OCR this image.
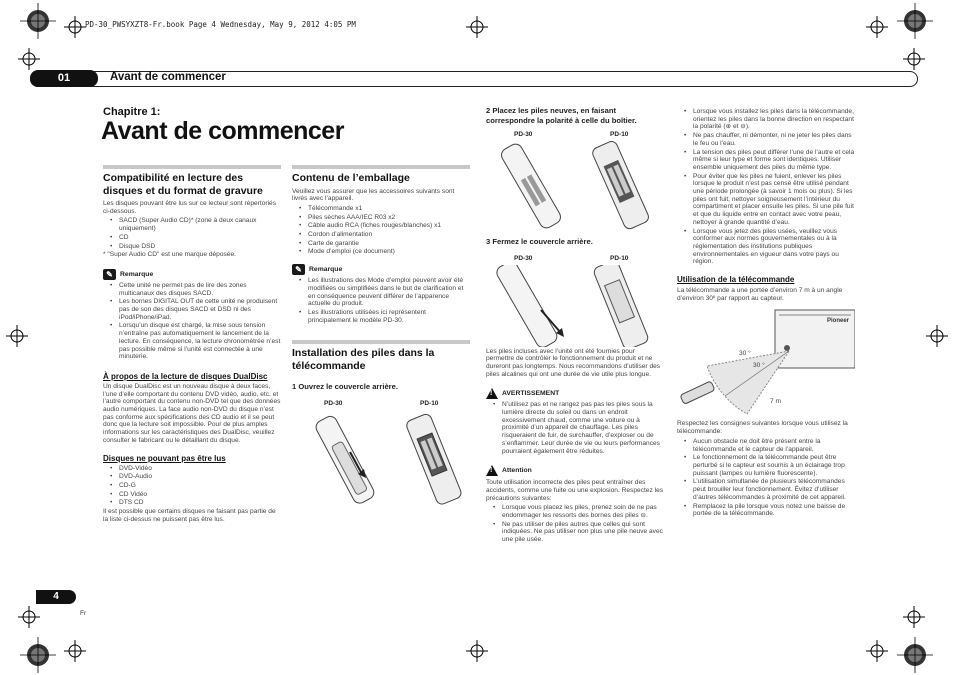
PD-30_PWSYXZT8-Fr.book Page 4 Wednesday, May 9, 2012 4:05 PM
01	Avant de commencer
Chapitre 1:
Avant de commencer
Compatibilité en lecture des disques et du format de gravure
Les disques pouvant être lus sur ce lecteur sont répertoriés ci-dessous.
• SACD (Super Audio CD)* (zone à deux canaux uniquement)
• CD
• Disque DSD
* "Super Audio CD" est une marque déposée.
✎	Remarque
• Cette unité ne permet pas de lire des zones multicanaux des disques SACD.
• Les bornes DIGITAL OUT de cette unité ne produisent pas de son des disques SACD et DSD ni des iPod/iPhone/iPad.
• Lorsqu’un disque est chargé, la mise sous tension n’entraîne pas automatiquement le lancement de la lecture. En conséquence, la lecture chronométrée n’est pas possible même si l’unité est connectée à une minuterie.
À propos de la lecture de disques DualDisc
Un disque DualDisc est un nouveau disque à deux faces, l’une d’elle comportant du contenu DVD vidéo, audio, etc. et l’autre comportant du contenu non-DVD tel que des données audio numériques. La face audio non-DVD du disque n’est pas conforme aux spécifications des CD audio et il se peut donc que la lecture soit impossible. Pour de plus amples informations sur les caractéristiques des DualDisc, veuillez consulter le fabricant ou le détaillant du disque.
Disques ne pouvant pas être lus
• DVD-Vidéo
• DVD-Audio
• CD-G
• CD Vidéo
• DTS CD
Il est possible que certains disques ne faisant pas partie de la liste ci-dessus ne puissent pas être lus.
Contenu de l’emballage
Veuillez vous assurer que les accessoires suivants sont livrés avec l’appareil.
• Télécommande x1
• Piles sèches AAA/IEC R03 x2
• Câble audio RCA (fiches rouges/blanches) x1
• Cordon d’alimentation
• Carte de garantie
• Mode d’emploi (ce document)
✎	Remarque
• Les illustrations des Mode d’emploi peuvent avoir été modifiées ou simplifiées dans le but de clarification et en conséquence peuvent différer de l’apparence actuelle du produit.
• Les illustrations utilisées ici représentent principalement le modèle PD-30.
Installation des piles dans la télécommande
1 Ouvrez le couvercle arrière.
PD-30	PD-10
2 Placez les piles neuves, en faisant correspondre la polarité à celle du boîtier.
PD-30	PD-10
3 Fermez le couvercle arrière.
PD-30	PD-10
Les piles incluses avec l’unité ont été fournies pour permettre de contrôler le fonctionnement du produit et ne dureront pas longtemps. Nous recommandons d’utiliser des piles alcalines qui ont une durée de vie utile plus longue.
! AVERTISSEMENT
• N’utilisez pas et ne rangez pas pas les piles sous la lumière directe du soleil ou dans un endroit excessivement chaud, comme une voiture ou à proximité d’un appareil de chauffage. Les piles risqueraient de fuir, de surchauffer, d’exploser ou de s’enflammer. Leur durée de vie ou leurs performances pourraient également être réduites.
! Attention
Toute utilisation incorrecte des piles peut entraîner des accidents, comme une fuite ou une explosion. Respectez les précautions suivantes:
• Lorsque vous placez les piles, prenez soin de ne pas endommager les ressorts des bornes des piles ⊖.
• Ne pas utiliser de piles autres que celles qui sont indiquées. Ne pas utiliser non plus une pile neuve avec une pile usée.
• Lorsque vous installez les piles dans la télécommande, orientez les piles dans la bonne direction en respectant la polarité (⊕ et ⊖).
• Ne pas chauffer, ni démonter, ni ne jeter les piles dans le feu ou l’eau.
• La tension des piles peut différer l’une de l’autre et cela même si leur type et forme sont identiques. Utiliser ensemble uniquement des piles du même type.
• Pour éviter que les piles ne fuient, enlever les piles lorsque le produit n’est pas censé être utilisé pendant une période prolongée (à savoir 1 mois ou plus). Si les piles ont fuit, nettoyer soigneusement l’intérieur du compartiment et placer ensuite les piles. Si une pile fuit et que du liquide entre en contact avec votre peau, nettoyer à grande quantité d’eau.
• Lorsque vous jetez des piles usées, veuillez vous conformer aux normes gouvernementales ou à la réglementation des institutions publiques environnementales en vigueur dans votre pays ou région.
Utilisation de la télécommande
La télécommande a une portée d’environ 7 m à un angle d’environ 30º par rapport au capteur.
Pioneer
30 °
30 °
7 m
Respectez les consignes suivantes lorsque vous utilisez la télécommande:
• Aucun obstacle ne doit être présent entre la télécommande et le capteur de l’appareil.
• Le fonctionnement de la télécommande peut être perturbé si le capteur est soumis à un éclairage trop puissant (lampes ou lumière fluorescente).
• L’utilisation simultanée de plusieurs télécommandes peut brouiller leur fonctionnement. Évitez d’utiliser d’autres télécommandes à proximité de cet appareil.
• Remplacez la pile lorsque vous notez une baisse de portée de la télécommande.
4
Fr
